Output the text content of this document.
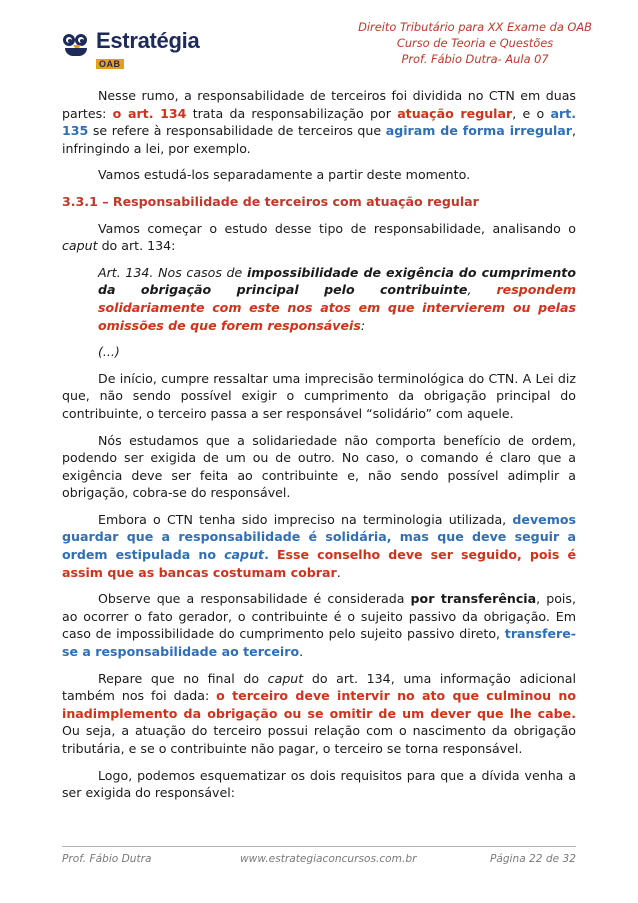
Estratégia
OAB
Direito Tributário para XX Exame da OAB
Curso de Teoria e Questões
Prof. Fábio Dutra- Aula 07

Nesse rumo, a responsabilidade de terceiros foi dividida no CTN em duas partes: o art. 134 trata da responsabilização por atuação regular, e o art. 135 se refere à responsabilidade de terceiros que agiram de forma irregular, infringindo a lei, por exemplo.

Vamos estudá-los separadamente a partir deste momento.

3.3.1 – Responsabilidade de terceiros com atuação regular

Vamos começar o estudo desse tipo de responsabilidade, analisando o caput do art. 134:

Art. 134. Nos casos de impossibilidade de exigência do cumprimento da obrigação principal pelo contribuinte, respondem solidariamente com este nos atos em que intervierem ou pelas omissões de que forem responsáveis:

(...)

De início, cumpre ressaltar uma imprecisão terminológica do CTN. A Lei diz que, não sendo possível exigir o cumprimento da obrigação principal do contribuinte, o terceiro passa a ser responsável “solidário” com aquele.

Nós estudamos que a solidariedade não comporta benefício de ordem, podendo ser exigida de um ou de outro. No caso, o comando é claro que a exigência deve ser feita ao contribuinte e, não sendo possível adimplir a obrigação, cobra-se do responsável.

Embora o CTN tenha sido impreciso na terminologia utilizada, devemos guardar que a responsabilidade é solidária, mas que deve seguir a ordem estipulada no caput. Esse conselho deve ser seguido, pois é assim que as bancas costumam cobrar.

Observe que a responsabilidade é considerada por transferência, pois, ao ocorrer o fato gerador, o contribuinte é o sujeito passivo da obrigação. Em caso de impossibilidade do cumprimento pelo sujeito passivo direto, transfere-se a responsabilidade ao terceiro.

Repare que no final do caput do art. 134, uma informação adicional também nos foi dada: o terceiro deve intervir no ato que culminou no inadimplemento da obrigação ou se omitir de um dever que lhe cabe. Ou seja, a atuação do terceiro possui relação com o nascimento da obrigação tributária, e se o contribuinte não pagar, o terceiro se torna responsável.

Logo, podemos esquematizar os dois requisitos para que a dívida venha a ser exigida do responsável:

Prof. Fábio Dutra	www.estrategiaconcursos.com.br	Página 22 de 32
